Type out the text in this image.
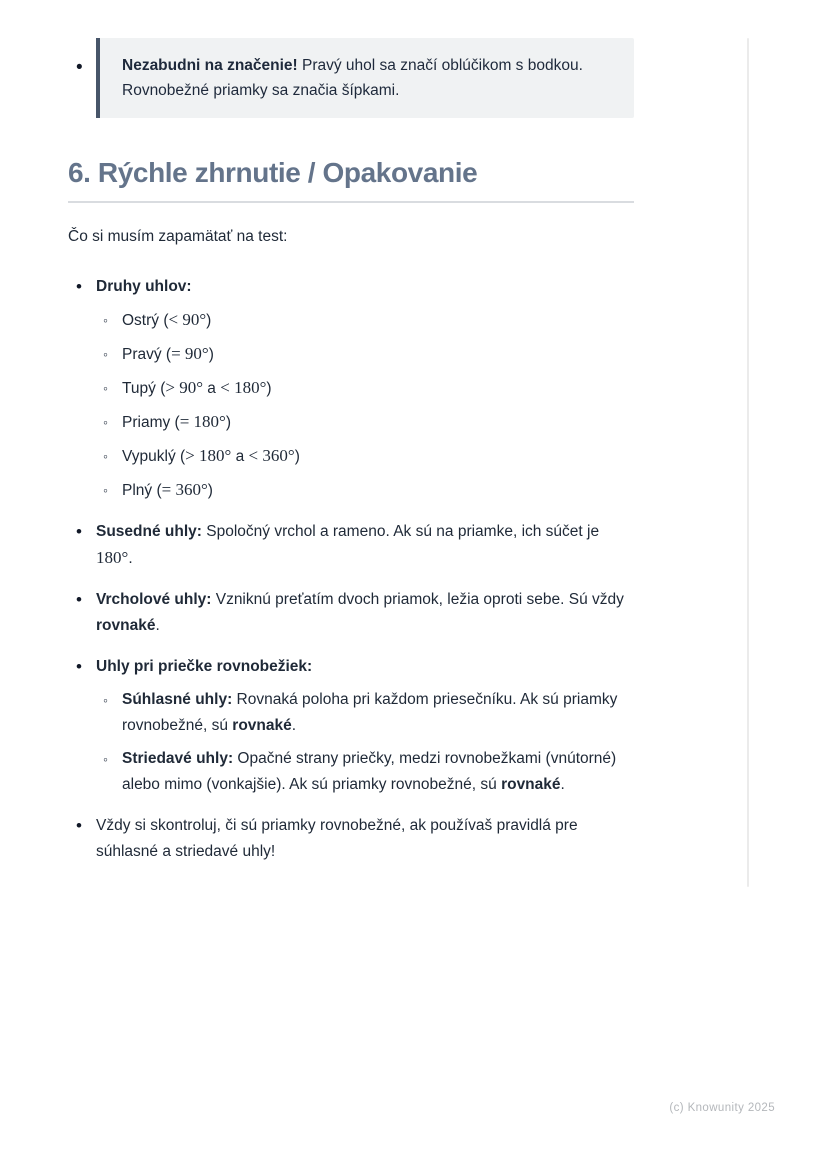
•	Nezabudni na značenie! Pravý uhol sa značí oblúčikom s bodkou. Rovnobežné priamky sa značia šípkami.
6. Rýchle zhrnutie / Opakovanie
Čo si musím zapamätať na test:
• Druhy uhlov:
◦ Ostrý (< 90°)
◦ Pravý (= 90°)
◦ Tupý (> 90° a < 180°)
◦ Priamy (= 180°)
◦ Vypuklý (> 180° a < 360°)
◦ Plný (= 360°)
• Susedné uhly: Spoločný vrchol a rameno. Ak sú na priamke, ich súčet je 180°.
• Vrcholové uhly: Vzniknú preťatím dvoch priamok, ležia oproti sebe. Sú vždy rovnaké.
• Uhly pri priečke rovnobežiek:
◦ Súhlasné uhly: Rovnaká poloha pri každom priesečníku. Ak sú priamky rovnobežné, sú rovnaké.
◦ Striedavé uhly: Opačné strany priečky, medzi rovnobežkami (vnútorné) alebo mimo (vonkajšie). Ak sú priamky rovnobežné, sú rovnaké.
• Vždy si skontroluj, či sú priamky rovnobežné, ak používaš pravidlá pre súhlasné a striedavé uhly!
(c) Knowunity 2025
